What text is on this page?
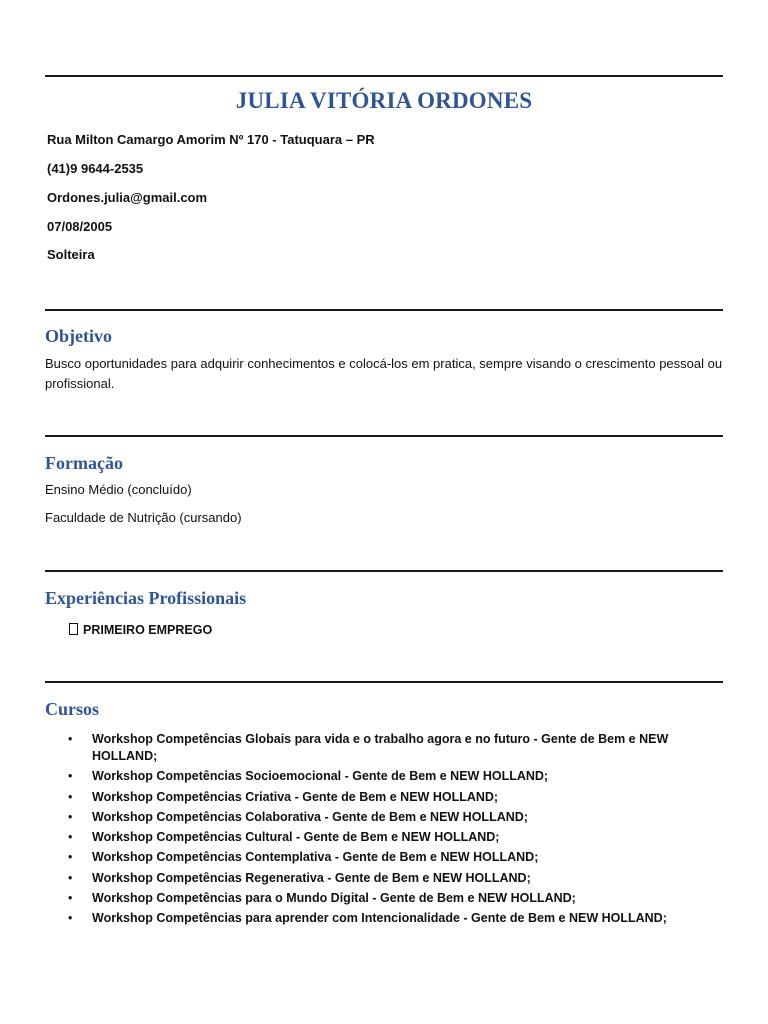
JULIA VITÓRIA ORDONES
Rua Milton Camargo Amorim Nº 170 - Tatuquara – PR
(41)9 9644-2535
Ordones.julia@gmail.com
07/08/2005
Solteira
Objetivo
Busco oportunidades para adquirir conhecimentos e colocá-los em pratica, sempre visando o crescimento pessoal ou profissional.
Formação
Ensino Médio (concluído)
Faculdade de Nutrição (cursando)
Experiências Profissionais
PRIMEIRO EMPREGO
Cursos
• Workshop Competências Globais para vida e o trabalho agora e no futuro - Gente de Bem e NEW HOLLAND;
• Workshop Competências Socioemocional - Gente de Bem e NEW HOLLAND;
• Workshop Competências Criativa - Gente de Bem e NEW HOLLAND;
• Workshop Competências Colaborativa - Gente de Bem e NEW HOLLAND;
• Workshop Competências Cultural - Gente de Bem e NEW HOLLAND;
• Workshop Competências Contemplativa - Gente de Bem e NEW HOLLAND;
• Workshop Competências Regenerativa - Gente de Bem e NEW HOLLAND;
• Workshop Competências para o Mundo Digital - Gente de Bem e NEW HOLLAND;
• Workshop Competências para aprender com Intencionalidade - Gente de Bem e NEW HOLLAND;
